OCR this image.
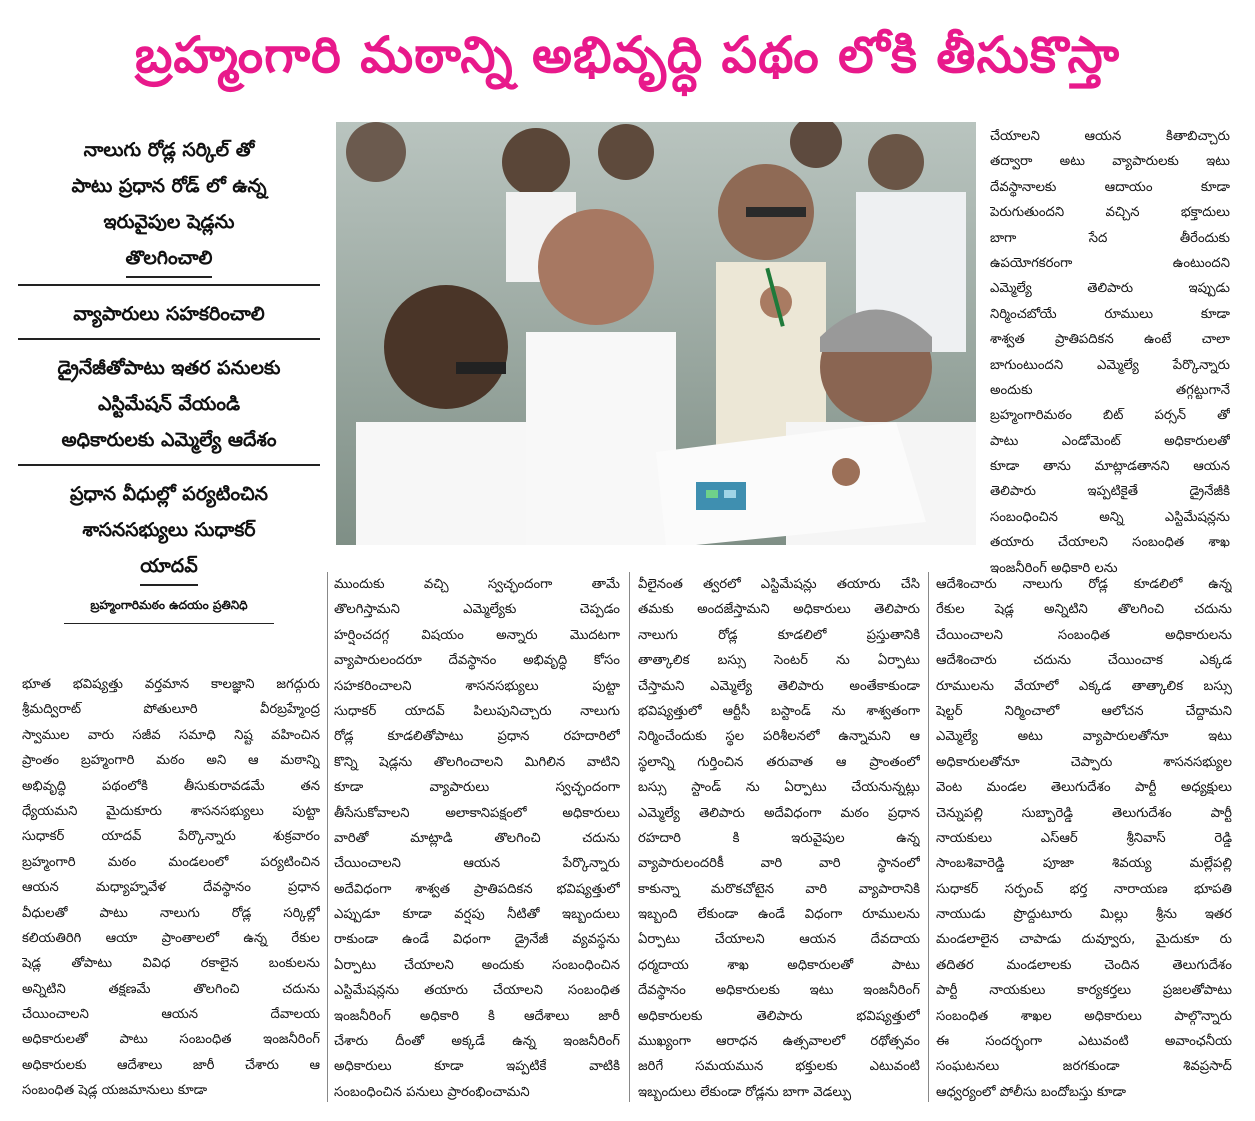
బ్రహ్మంగారి మఠాన్ని అభివృద్ధి పథం లోకి తీసుకొస్తా
నాలుగు రోడ్ల సర్కిల్ తో
పాటు ప్రధాన రోడ్ లో ఉన్న
ఇరువైపుల షెడ్లను
తొలగించాలి
వ్యాపారులు సహకరించాలి
డ్రైనేజీతోపాటు ఇతర పనులకు
ఎస్టిమేషన్ వేయండి
అధికారులకు ఎమ్మెల్యే ఆదేశం
ప్రధాన వీధుల్లో పర్యటించిన
శాసనసభ్యులు సుధాకర్
యాదవ్
బ్రహ్మంగారిమఠం ఉదయం ప్రతినిధి
భూత భవిష్యత్తు వర్తమాన కాలజ్ఞాని జగద్గురు
శ్రీమద్విరాట్ పోతులూరి వీరబ్రహ్మేంద్ర
స్వాముల వారు సజీవ సమాధి నిష్ట వహించిన
ప్రాంతం బ్రహ్మంగారి మఠం అని ఆ మఠాన్ని
అభివృద్ధి పథంలోకి తీసుకురావడమే తన
ధ్యేయమని మైదుకూరు శాసనసభ్యులు పుట్టా
సుధాకర్ యాదవ్ పేర్కొన్నారు శుక్రవారం
బ్రహ్మంగారి మఠం మండలంలో పర్యటించిన
ఆయన మధ్యాహ్నవేళ దేవస్థానం ప్రధాన
వీధులతో పాటు నాలుగు రోడ్ల సర్కిల్లో
కలియతిరిగి ఆయా ప్రాంతాలలో ఉన్న రేకుల
షెడ్ల తోపాటు వివిధ రకాలైన బంకులను
అన్నిటిని తక్షణమే తొలగించి చదును
చేయించాలని ఆయన దేవాలయ
అధికారులతో పాటు సంబంధిత ఇంజనీరింగ్
అధికారులకు ఆదేశాలు జారీ చేశారు ఆ
సంబంధిత షెడ్ల యజమానులు కూడా
ముందుకు వచ్చి స్వచ్ఛందంగా తామే
తొలగిస్తామని ఎమ్మెల్యేకు చెప్పడం
హర్షించదగ్గ విషయం అన్నారు మొదటగా
వ్యాపారులందరూ దేవస్థానం అభివృద్ధి కోసం
సహకరించాలని శాసనసభ్యులు పుట్టా
సుధాకర్ యాదవ్ పిలుపునిచ్చారు నాలుగు
రోడ్ల కూడలితోపాటు ప్రధాన రహదారిలో
కొన్ని షెడ్లను తొలగించాలని మిగిలిన వాటిని
కూడా వ్యాపారులు స్వచ్ఛందంగా
తీసేసుకోవాలని అలాకానిపక్షంలో అధికారులు
వారితో మాట్లాడి తొలగించి చదును
చేయించాలని ఆయన పేర్కొన్నారు
అదేవిధంగా శాశ్వత ప్రాతిపదికన భవిష్యత్తులో
ఎప్పుడూ కూడా వర్షపు నీటితో ఇబ్బందులు
రాకుండా ఉండే విధంగా డ్రైనేజీ వ్యవస్థను
ఏర్పాటు చేయాలని అందుకు సంబంధించిన
ఎస్టిమేషన్లను తయారు చేయాలని సంబంధిత
ఇంజనీరింగ్ అధికారి కి ఆదేశాలు జారీ
చేశారు దీంతో అక్కడే ఉన్న ఇంజనీరింగ్
అధికారులు కూడా ఇప్పటికే వాటికి
సంబంధించిన పనులు ప్రారంభించామని
వీలైనంత త్వరలో ఎస్టిమేషన్లు తయారు చేసి
తమకు అందజేస్తామని అధికారులు తెలిపారు
నాలుగు రోడ్ల కూడలిలో ప్రస్తుతానికి
తాత్కాలిక బస్సు సెంటర్ ను ఏర్పాటు
చేస్తామని ఎమ్మెల్యే తెలిపారు అంతేకాకుండా
భవిష్యత్తులో ఆర్టీసీ బస్టాండ్ ను శాశ్వతంగా
నిర్మించేందుకు స్థల పరిశీలనలో ఉన్నామని ఆ
స్థలాన్ని గుర్తించిన తరువాత ఆ ప్రాంతంలో
బస్సు స్టాండ్ ను ఏర్పాటు చేయనున్నట్లు
ఎమ్మెల్యే తెలిపారు అదేవిధంగా మఠం ప్రధాన
రహదారి కి ఇరువైపుల ఉన్న
వ్యాపారులందరికీ వారి వారి స్థానంలో
కాకున్నా మరొకచోటైన వారి వ్యాపారానికి
ఇబ్బంది లేకుండా ఉండే విధంగా రూములను
ఏర్పాటు చేయాలని ఆయన దేవదాయ
ధర్మదాయ శాఖ అధికారులతో పాటు
దేవస్థానం అధికారులకు ఇటు ఇంజనీరింగ్
అధికారులకు తెలిపారు భవిష్యత్తులో
ముఖ్యంగా ఆరాధన ఉత్సవాలలో రథోత్సవం
జరిగే సమయమున భక్తులకు ఎటువంటి
ఇబ్బందులు లేకుండా రోడ్లను బాగా వెడల్పు
చేయాలని ఆయన కితాబిచ్చారు
తద్వారా అటు వ్యాపారులకు ఇటు
దేవస్థానాలకు ఆదాయం కూడా
పెరుగుతుందని వచ్చిన భక్తాదులు
బాగా సేద తీరేందుకు
ఉపయోగకరంగా ఉంటుందని
ఎమ్మెల్యే తెలిపారు ఇప్పుడు
నిర్మించబోయే రూములు కూడా
శాశ్వత ప్రాతిపదికన ఉంటే చాలా
బాగుంటుందని ఎమ్మెల్యే పేర్కొన్నారు
అందుకు తగ్గట్టుగానే
బ్రహ్మంగారిమఠం బిట్ పర్సన్ తో
పాటు ఎండోమెంట్ అధికారులతో
కూడా తాను మాట్లాడతానని ఆయన
తెలిపారు ఇప్పటికైతే డ్రైనేజీకి
సంబంధించిన అన్ని ఎస్టిమేషన్లను
తయారు చేయాలని సంబంధిత శాఖ
ఇంజనీరింగ్ అధికారి లను
ఆదేశించారు నాలుగు రోడ్ల కూడలిలో ఉన్న
రేకుల షెడ్ల అన్నిటిని తొలగించి చదును
చేయించాలని సంబంధిత అధికారులను
ఆదేశించారు చదును చేయించాక ఎక్కడ
రూములను వేయాలో ఎక్కడ తాత్కాలిక బస్సు
షెల్టర్ నిర్మించాలో ఆలోచన చేద్దామని
ఎమ్మెల్యే అటు వ్యాపారులతోనూ ఇటు
అధికారులతోనూ చెప్పారు శాసనసభ్యుల
వెంట మండల తెలుగుదేశం పార్టీ అధ్యక్షులు
చెన్నుపల్లి సుబ్బారెడ్డి తెలుగుదేశం పార్టీ
నాయకులు ఎస్ఆర్ శ్రీనివాస్ రెడ్డి
సాంబశివారెడ్డి పూజా శివయ్య మల్లేపల్లి
సుధాకర్ సర్పంచ్ భర్త నారాయణ భూపతి
నాయుడు ప్రొద్దుటూరు మిల్లు శ్రీను ఇతర
మండలాలైన చాపాడు దువ్వూరు, మైదుకూ రు
తదితర మండలాలకు చెందిన తెలుగుదేశం
పార్టీ నాయకులు కార్యకర్తలు ప్రజలతోపాటు
సంబంధిత శాఖల అధికారులు పాల్గొన్నారు
ఈ సందర్భంగా ఎటువంటి అవాంఛనీయ
సంఘటనలు జరగకుండా శివప్రసాద్
ఆధ్వర్యంలో పోలీసు బందోబస్తు కూడా
